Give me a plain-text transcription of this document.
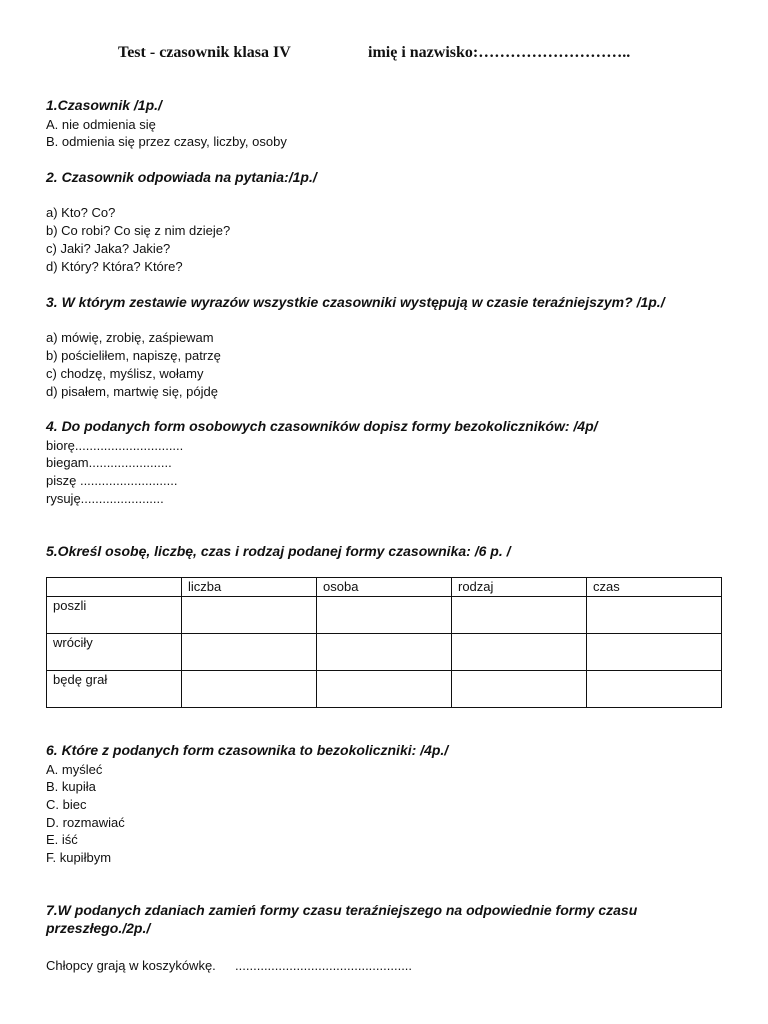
Test - czasownik klasa IV	imię i nazwisko:………………………..
1.Czasownik /1p./
A. nie odmienia się
B. odmienia się przez czasy, liczby, osoby
2. Czasownik odpowiada na pytania:/1p./
a) Kto? Co?
b) Co robi? Co się z nim dzieje?
c) Jaki? Jaka? Jakie?
d) Który? Która? Które?
3. W którym zestawie wyrazów wszystkie czasowniki występują w czasie teraźniejszym? /1p./
a) mówię, zrobię, zaśpiewam
b) pościeliłem, napiszę, patrzę
c) chodzę, myślisz, wołamy
d) pisałem, martwię się, pójdę
4. Do podanych form osobowych czasowników dopisz formy bezokoliczników: /4p/
biorę..............................
biegam.......................
piszę ...........................
rysuję.......................
5.Określ osobę, liczbę, czas i rodzaj podanej formy czasownika: /6 p. /
	liczba	osoba	rodzaj	czas
poszli				
wróciły				
będę grał				
6. Które z podanych form czasownika to bezokoliczniki: /4p./
A. myśleć
B. kupiła
C. biec
D. rozmawiać
E. iść
F. kupiłbym
7.W podanych zdaniach zamień formy czasu teraźniejszego na odpowiednie formy czasu
przeszłego./2p./
Chłopcy grają w koszykówkę. .................................................
